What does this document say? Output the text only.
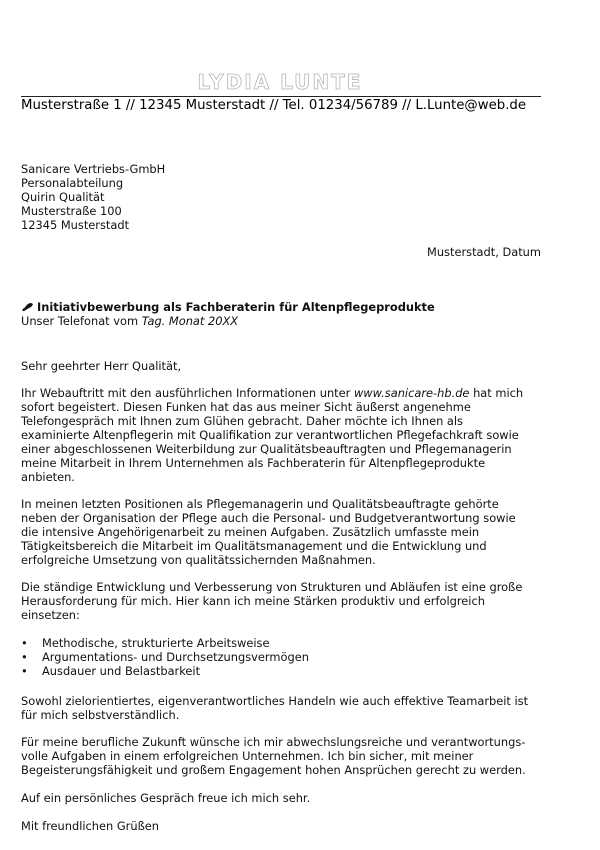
LYDIA LUNTE
Musterstraße 1 // 12345 Musterstadt // Tel. 01234/56789 // L.Lunte@web.de
Sanicare Vertriebs-GmbH
Personalabteilung
Quirin Qualität
Musterstraße 100
12345 Musterstadt
Musterstadt, Datum
Initiativbewerbung als Fachberaterin für Altenpflegeprodukte
Unser Telefonat vom Tag. Monat 20XX
Sehr geehrter Herr Qualität,
Ihr Webauftritt mit den ausführlichen Informationen unter www.sanicare-hb.de hat mich
sofort begeistert. Diesen Funken hat das aus meiner Sicht äußerst angenehme
Telefongespräch mit Ihnen zum Glühen gebracht. Daher möchte ich Ihnen als
examinierte Altenpflegerin mit Qualifikation zur verantwortlichen Pflegefachkraft sowie
einer abgeschlossenen Weiterbildung zur Qualitätsbeauftragten und Pflegemanagerin
meine Mitarbeit in Ihrem Unternehmen als Fachberaterin für Altenpflegeprodukte
anbieten.
In meinen letzten Positionen als Pflegemanagerin und Qualitätsbeauftragte gehörte
neben der Organisation der Pflege auch die Personal- und Budgetverantwortung sowie
die intensive Angehörigenarbeit zu meinen Aufgaben. Zusätzlich umfasste mein
Tätigkeitsbereich die Mitarbeit im Qualitätsmanagement und die Entwicklung und
erfolgreiche Umsetzung von qualitätssichernden Maßnahmen.
Die ständige Entwicklung und Verbesserung von Strukturen und Abläufen ist eine große
Herausforderung für mich. Hier kann ich meine Stärken produktiv und erfolgreich
einsetzen:
• Methodische, strukturierte Arbeitsweise
• Argumentations- und Durchsetzungsvermögen
• Ausdauer und Belastbarkeit
Sowohl zielorientiertes, eigenverantwortliches Handeln wie auch effektive Teamarbeit ist
für mich selbstverständlich.
Für meine berufliche Zukunft wünsche ich mir abwechslungsreiche und verantwortungs-
volle Aufgaben in einem erfolgreichen Unternehmen. Ich bin sicher, mit meiner
Begeisterungsfähigkeit und großem Engagement hohen Ansprüchen gerecht zu werden.
Auf ein persönliches Gespräch freue ich mich sehr.
Mit freundlichen Grüßen
